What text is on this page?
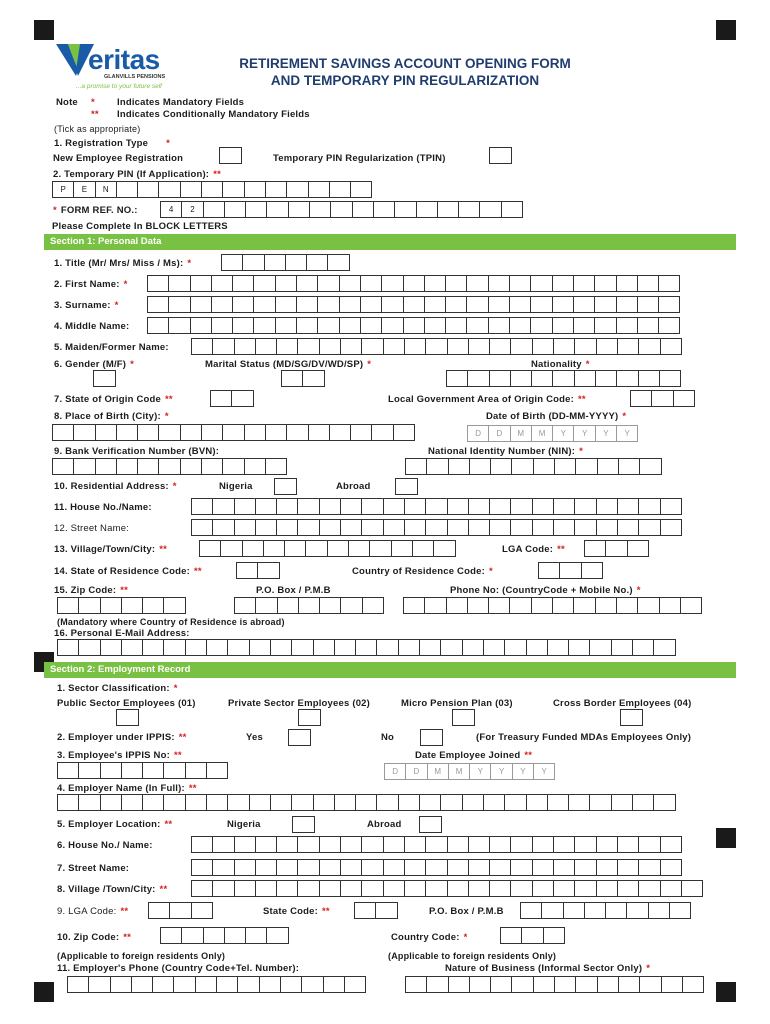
eritas
GLANVILLS PENSIONS
...a promise to your future self
RETIREMENT SAVINGS ACCOUNT OPENING FORM
AND TEMPORARY PIN REGULARIZATION
Note * Indicates Mandatory Fields
** Indicates Conditionally Mandatory Fields
(Tick as appropriate)
1. Registration Type *
New Employee Registration	Temporary PIN Regularization (TPIN)
2. Temporary PIN (If Application): **
P	E	N
* FORM REF. NO.:	4	2
Please Complete In BLOCK LETTERS
Section 1: Personal Data
1. Title (Mr/ Mrs/ Miss / Ms): *
2. First Name: *
3. Surname: *
4. Middle Name:
5. Maiden/Former Name:
6. Gender (M/F) *	Marital Status (MD/SG/DV/WD/SP) *	Nationality *
7. State of Origin Code **	Local Government Area of Origin Code: **
8. Place of Birth (City): *	Date of Birth (DD-MM-YYYY) *
D	D	M	M	Y	Y	Y	Y
9. Bank Verification Number (BVN):	National Identity Number (NIN): *
10. Residential Address: *	Nigeria	Abroad
11. House No./Name:
12. Street Name:
13. Village/Town/City: **	LGA Code: **
14. State of Residence Code: **	Country of Residence Code: *
15. Zip Code: **	P.O. Box / P.M.B	Phone No: (CountryCode + Mobile No.) *
(Mandatory where Country of Residence is abroad)
16. Personal E-Mail Address:
Section 2: Employment Record
1. Sector Classification: *
Public Sector Employees (01)	Private Sector Employees (02)	Micro Pension Plan (03)	Cross Border Employees (04)
2. Employer under IPPIS: **	Yes	No	(For Treasury Funded MDAs Employees Only)
3. Employee's IPPIS No: **	Date Employee Joined **
D	D	M	M	Y	Y	Y	Y
4. Employer Name (In Full): **
5. Employer Location: **	Nigeria	Abroad
6. House No./ Name:
7. Street Name:
8. Village /Town/City: **
9. LGA Code: **	State Code: **	P.O. Box / P.M.B
10. Zip Code: **	Country Code: *
(Applicable to foreign residents Only)	(Applicable to foreign residents Only)
11. Employer's Phone (Country Code+Tel. Number):	Nature of Business (Informal Sector Only) *
